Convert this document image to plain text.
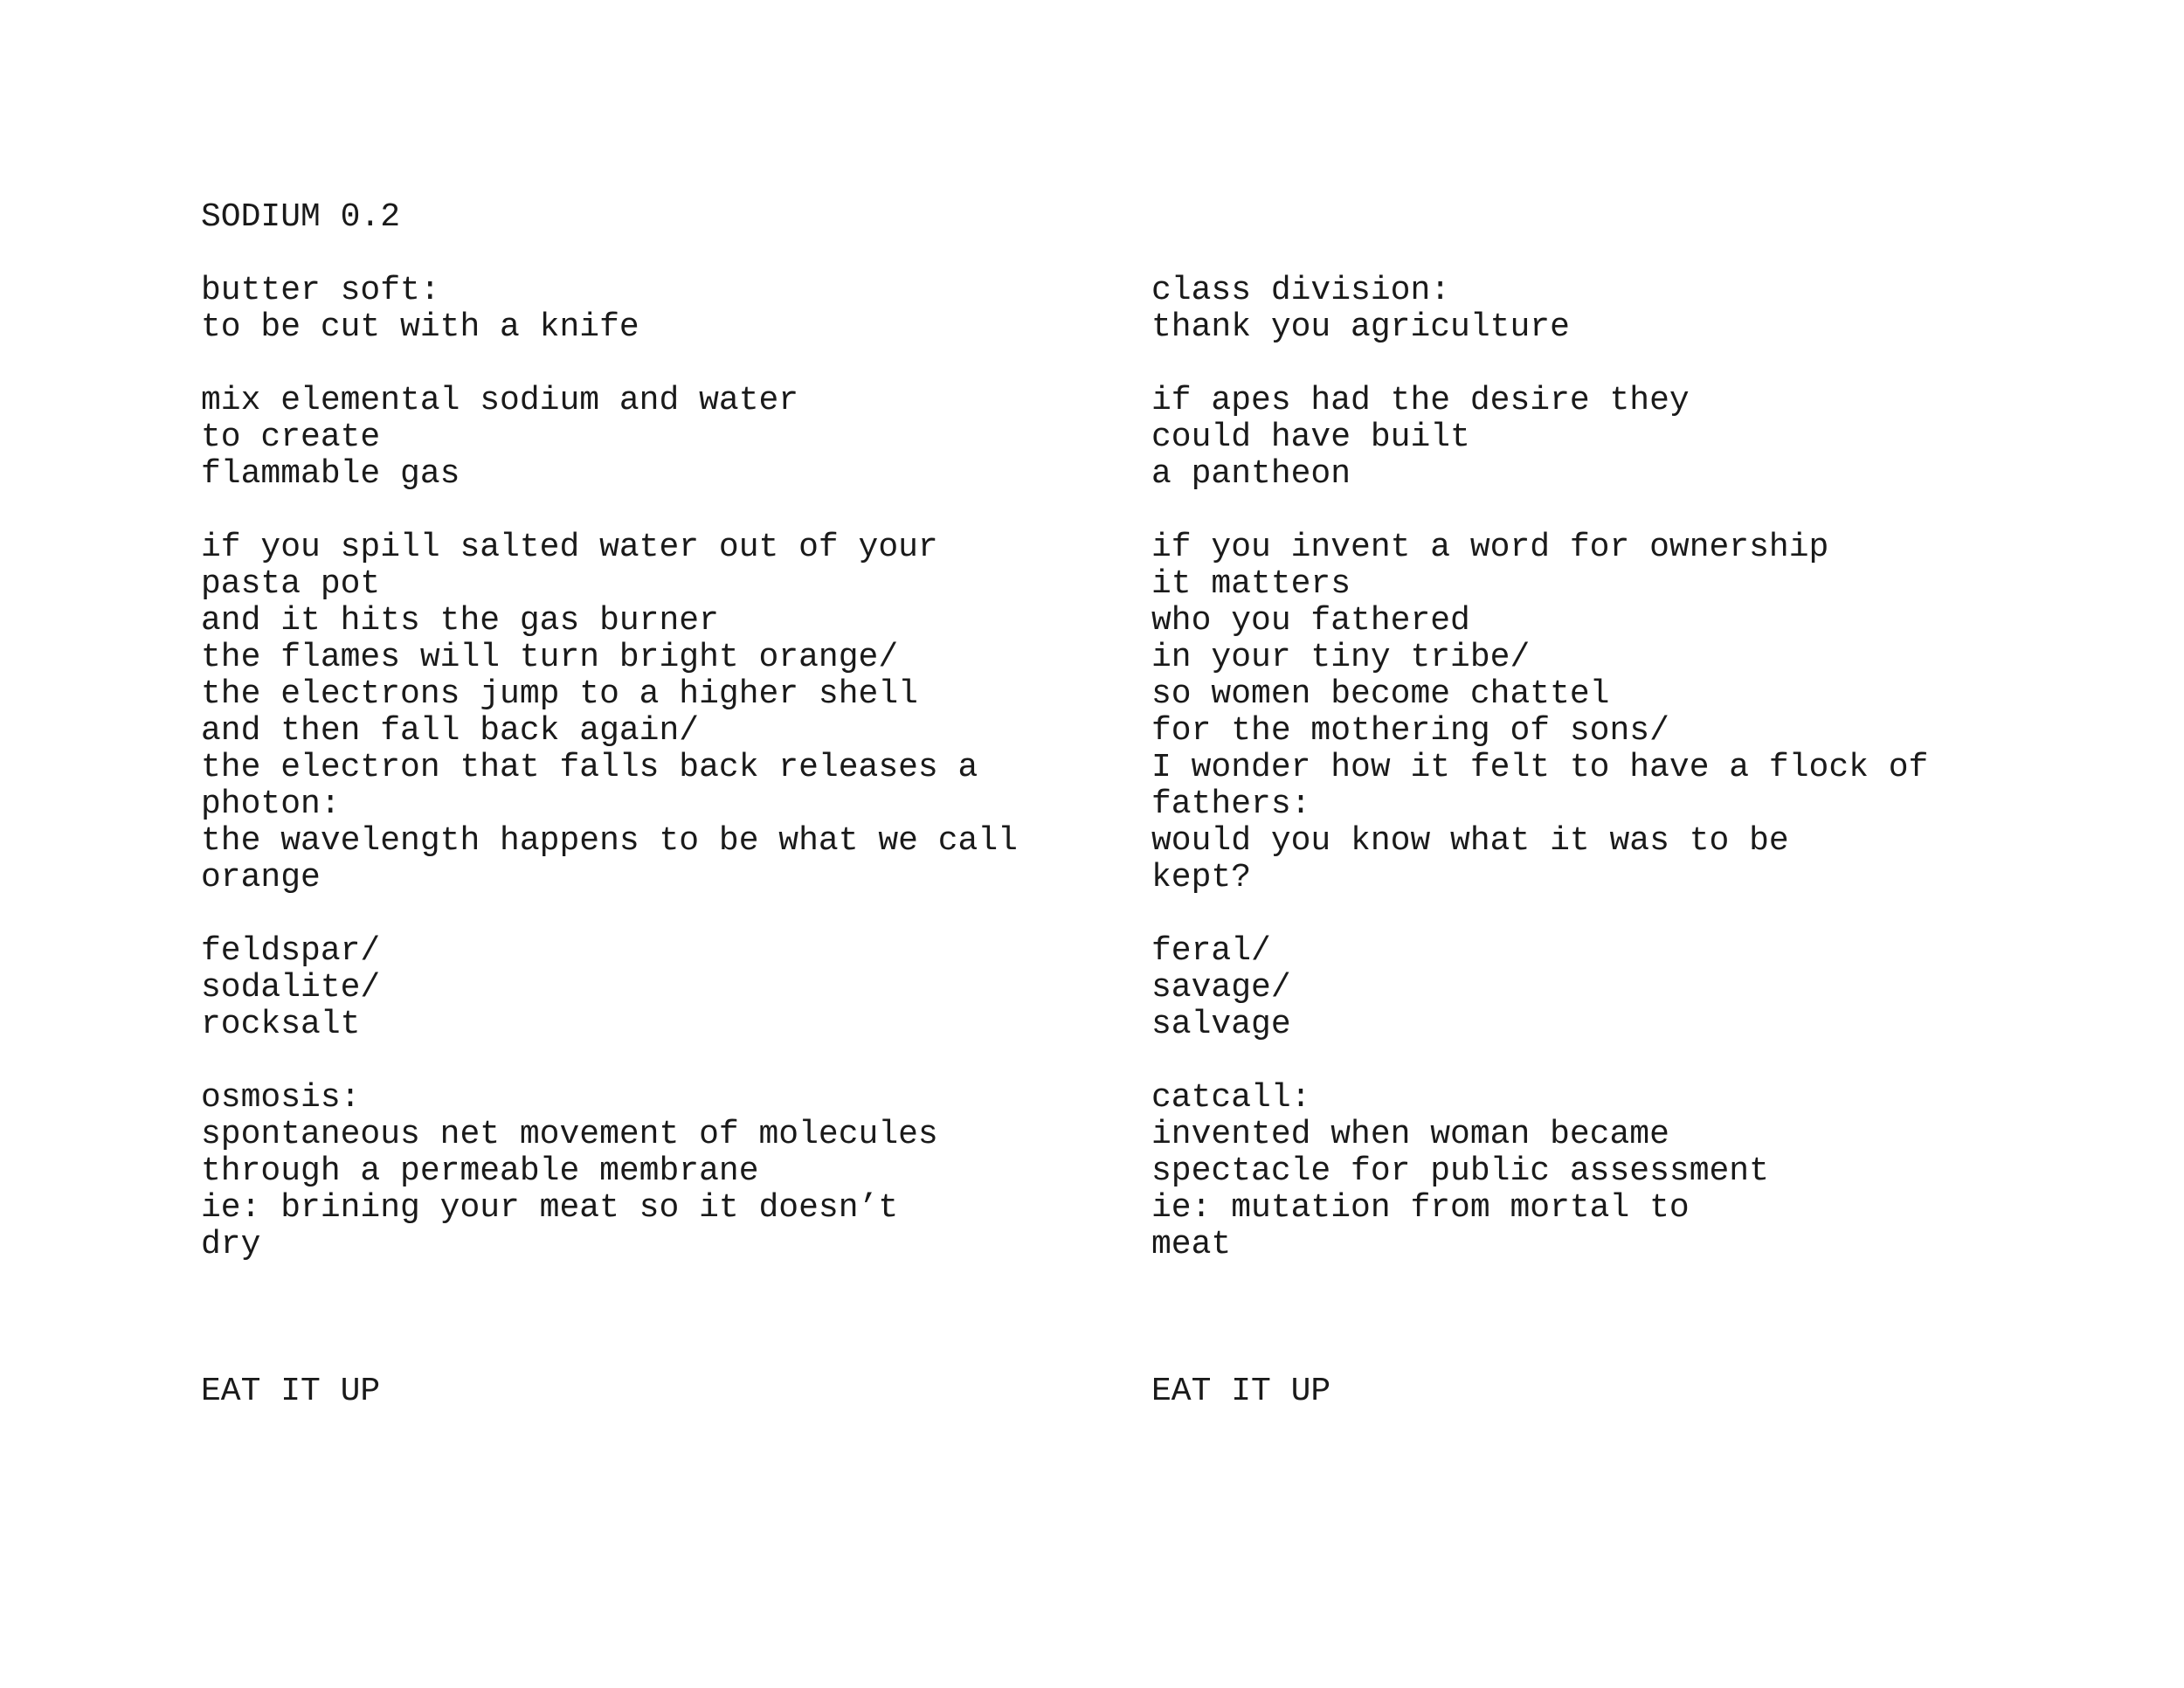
SODIUM 0.2
butter soft:
to be cut with a knife
mix elemental sodium and water
to create
flammable gas
if you spill salted water out of your
pasta pot
and it hits the gas burner
the flames will turn bright orange/
the electrons jump to a higher shell
and then fall back again/
the electron that falls back releases a
photon:
the wavelength happens to be what we call
orange
feldspar/
sodalite/
rocksalt
osmosis:
spontaneous net movement of molecules
through a permeable membrane
ie: brining your meat so it doesn’t
dry
EAT IT UP
class division:
thank you agriculture
if apes had the desire they
could have built
a pantheon
if you invent a word for ownership
it matters
who you fathered
in your tiny tribe/
so women become chattel
for the mothering of sons/
I wonder how it felt to have a flock of
fathers:
would you know what it was to be
kept?
feral/
savage/
salvage
catcall:
invented when woman became
spectacle for public assessment
ie: mutation from mortal to
meat
EAT IT UP
